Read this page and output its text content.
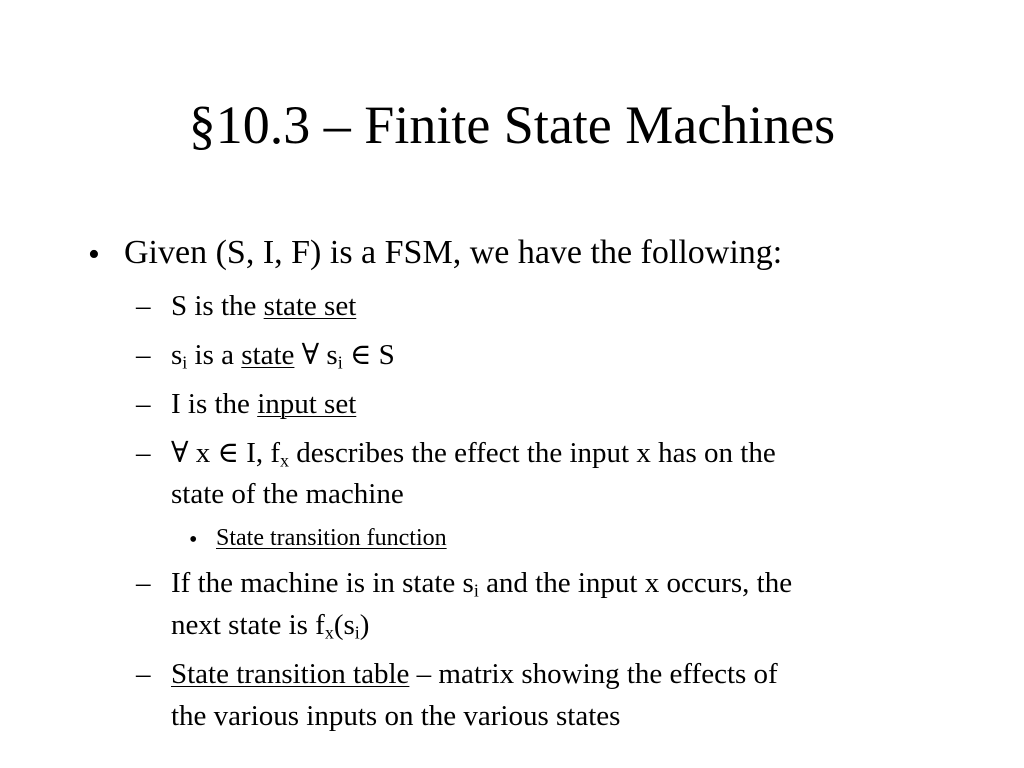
§10.3 – Finite State Machines
• Given (S, I, F) is a FSM, we have the following:
– S is the state set
– $s_i$ is a state ∀ $s_i$ ∈ S
– I is the input set
– ∀ x ∈ I, $f_x$ describes the effect the input x has on the
state of the machine
• State transition function
– If the machine is in state $s_i$ and the input x occurs, the
next state is $f_x(s_i)$
– State transition table – matrix showing the effects of
the various inputs on the various states
